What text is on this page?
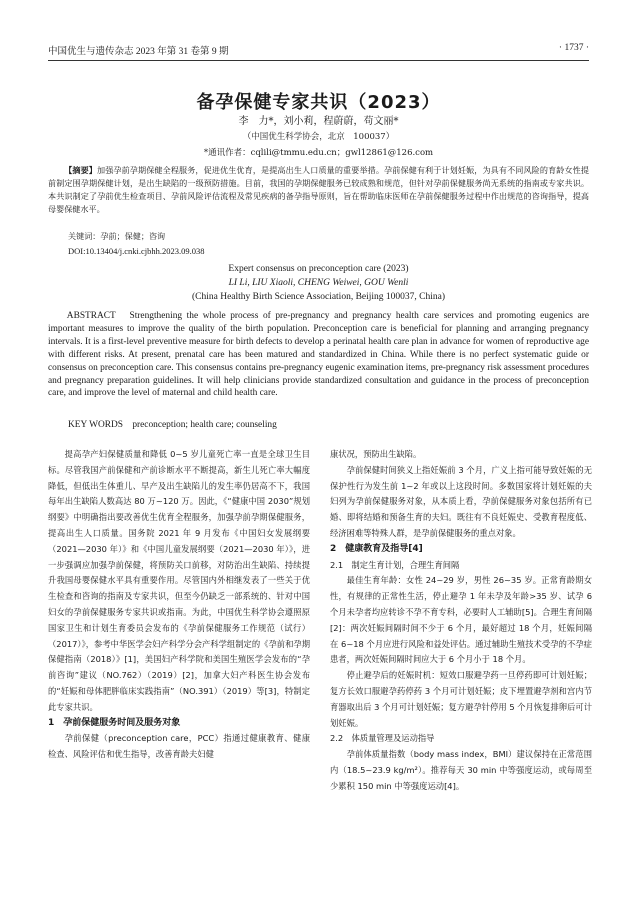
中国优生与遗传杂志 2023 年第 31 卷第 9 期	· 1737 ·
备孕保健专家共识（2023）
李　力*，刘小莉，程蔚蔚，苟文丽*
（中国优生科学协会，北京　100037）
*通讯作者：cqlili@tmmu.edu.cn；gwl12861@126.com
【摘要】加强孕前孕期保健全程服务，促进优生优育，是提高出生人口质量的重要举措。孕前保健有利于计划妊娠，为具有不同风险的育龄女性提前制定围孕期保健计划，是出生缺陷的一级预防措施。目前，我国的孕期保健服务已较成熟和规范，但针对孕前保健服务尚无系统的指南或专家共识。本共识制定了孕前优生检查项目、孕前风险评估流程及常见疾病的备孕指导原则，旨在帮助临床医师在孕前保健服务过程中作出规范的咨询指导，提高母婴保健水平。
关键词：孕前；保健；咨询
DOI:10.13404/j.cnki.cjbhh.2023.09.038
Expert consensus on preconception care (2023)
LI Li, LIU Xiaoli, CHENG Weiwei, GOU Wenli
(China Healthy Birth Science Association, Beijing 100037, China)
ABSTRACT　Strengthening the whole process of pre-pregnancy and pregnancy health care services and promoting eugenics are important measures to improve the quality of the birth population. Preconception care is beneficial for planning and arranging pregnancy intervals. It is a first-level preventive measure for birth defects to develop a perinatal health care plan in advance for women of reproductive age with different risks. At present, prenatal care has been matured and standardized in China. While there is no perfect systematic guide or consensus on preconception care. This consensus contains pre-pregnancy eugenic examination items, pre-pregnancy risk assessment procedures and pregnancy preparation guidelines. It will help clinicians provide standardized consultation and guidance in the process of preconception care, and improve the level of maternal and child health care.
KEY WORDS　preconception; health care; counseling

提高孕产妇保健质量和降低 0~5 岁儿童死亡率一直是全球卫生目标。尽管我国产前保健和产前诊断水平不断提高，新生儿死亡率大幅度降低，但低出生体重儿、早产及出生缺陷儿的发生率仍居高不下，我国每年出生缺陷人数高达 80 万~120 万。因此，《“健康中国 2030”规划纲要》中明确指出要改善优生优育全程服务，加强孕前孕期保健服务，提高出生人口质量。国务院 2021 年 9 月发布《中国妇女发展纲要（2021—2030 年）》和《中国儿童发展纲要（2021—2030 年）》，进一步强调应加强孕前保健，将预防关口前移，对防治出生缺陷、持续提升我国母婴保健水平具有重要作用。尽管国内外相继发表了一些关于优生检查和咨询的指南及专家共识，但至今仍缺乏一部系统的、针对中国妇女的孕前保健服务专家共识或指南。为此，中国优生科学协会遵照原国家卫生和计划生育委员会发布的《孕前保健服务工作规范（试行）（2017）》，参考中华医学会妇产科学分会产科学组制定的《孕前和孕期保健指南（2018）》[1]，美国妇产科学院和美国生殖医学会发布的“孕前咨询”建议（NO.762）（2019）[2]，加拿大妇产科医生协会发布的“妊娠和母体肥胖临床实践指南”（NO.391）（2019）等[3]，特制定此专家共识。

1　孕前保健服务时间及服务对象

孕前保健（preconception care，PCC）指通过健康教育、健康检查、风险评估和优生指导，改善育龄夫妇健

康状况，预防出生缺陷。

孕前保健时间狭义上指妊娠前 3 个月，广义上指可能导致妊娠的无保护性行为发生前 1~2 年或以上这段时间。多数国家将计划妊娠的夫妇列为孕前保健服务对象，从本质上看，孕前保健服务对象包括所有已婚、即将结婚和预备生育的夫妇。既往有不良妊娠史、受教育程度低、经济困难等特殊人群，是孕前保健服务的重点对象。

2　健康教育及指导[4]
2.1　制定生育计划，合理生育间隔

最佳生育年龄：女性 24~29 岁，男性 26~35 岁。正常育龄期女性，有规律的正常性生活，停止避孕 1 年未孕及年龄>35 岁、试孕 6 个月未孕者均应转诊不孕不育专科，必要时人工辅助[5]。合理生育间隔[2]：两次妊娠间隔时间不少于 6 个月，最好超过 18 个月，妊娠间隔在 6~18 个月应进行风险和益处评估。通过辅助生殖技术受孕的不孕症患者，两次妊娠间隔时间应大于 6 个月小于 18 个月。

停止避孕后的妊娠时机：短效口服避孕药一旦停药即可计划妊娠；复方长效口服避孕药停药 3 个月可计划妊娠；皮下埋置避孕剂和宫内节育器取出后 3 个月可计划妊娠；复方避孕针停用 5 个月恢复排卵后可计划妊娠。

2.2　体质量管理及运动指导

孕前体质量指数（body mass index，BMI）建议保持在正常范围内（18.5~23.9 kg/m²）。推荐每天 30 min 中等强度运动，或每周至少累积 150 min 中等强度运动[4]。
